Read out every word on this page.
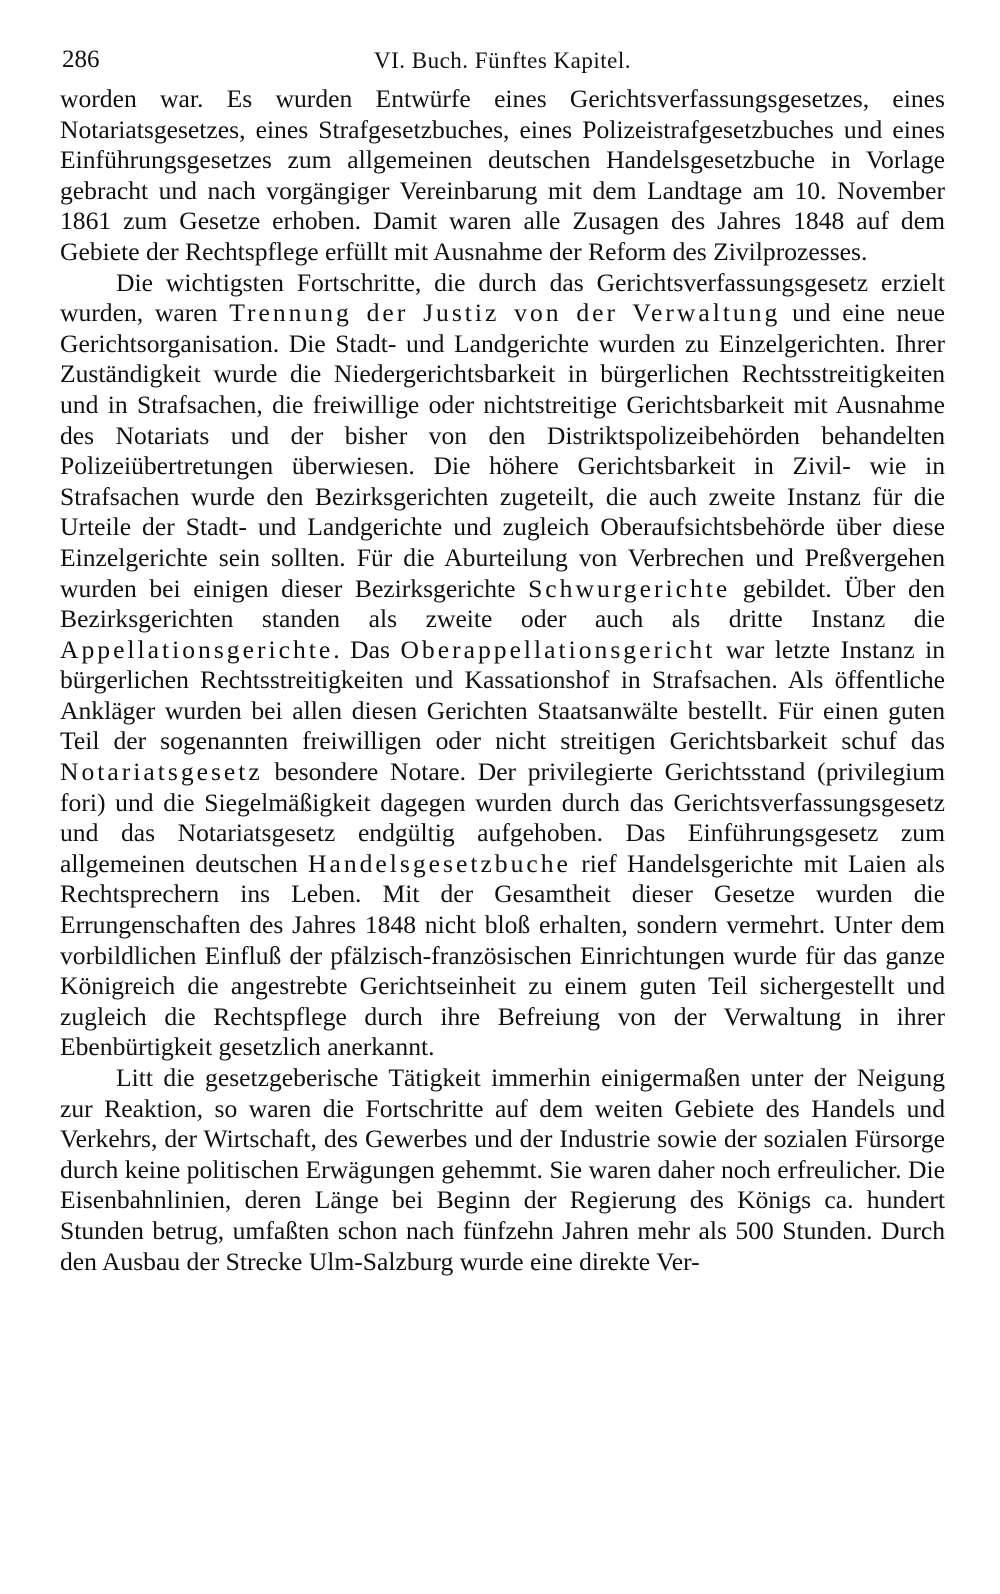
286	VI. Buch. Fünftes Kapitel.

worden war. Es wurden Entwürfe eines Gerichtsverfassungsgesetzes, eines Notariatsgesetzes, eines Strafgesetzbuches, eines Polizeistrafgesetzbuches und eines Einführungsgesetzes zum allgemeinen deutschen Handelsgesetzbuche in Vorlage gebracht und nach vorgängiger Vereinbarung mit dem Landtage am 10. November 1861 zum Gesetze erhoben. Damit waren alle Zusagen des Jahres 1848 auf dem Gebiete der Rechtspflege erfüllt mit Ausnahme der Reform des Zivilprozesses.

Die wichtigsten Fortschritte, die durch das Gerichtsverfassungsgesetz erzielt wurden, waren Trennung der Justiz von der Verwaltung und eine neue Gerichtsorganisation. Die Stadt- und Landgerichte wurden zu Einzelgerichten. Ihrer Zuständigkeit wurde die Niedergerichtsbarkeit in bürgerlichen Rechtsstreitigkeiten und in Strafsachen, die freiwillige oder nichtstreitige Gerichtsbarkeit mit Ausnahme des Notariats und der bisher von den Distriktspolizeibehörden behandelten Polizeiübertretungen überwiesen. Die höhere Gerichtsbarkeit in Zivil- wie in Strafsachen wurde den Bezirksgerichten zugeteilt, die auch zweite Instanz für die Urteile der Stadt- und Landgerichte und zugleich Oberaufsichtsbehörde über diese Einzelgerichte sein sollten. Für die Aburteilung von Verbrechen und Preßvergehen wurden bei einigen dieser Bezirksgerichte Schwurgerichte gebildet. Über den Bezirksgerichten standen als zweite oder auch als dritte Instanz die Appellationsgerichte. Das Oberappellationsgericht war letzte Instanz in bürgerlichen Rechtsstreitigkeiten und Kassationshof in Strafsachen. Als öffentliche Ankläger wurden bei allen diesen Gerichten Staatsanwälte bestellt. Für einen guten Teil der sogenannten freiwilligen oder nicht streitigen Gerichtsbarkeit schuf das Notariatsgesetz besondere Notare. Der privilegierte Gerichtsstand (privilegium fori) und die Siegelmäßigkeit dagegen wurden durch das Gerichtsverfassungsgesetz und das Notariatsgesetz endgültig aufgehoben. Das Einführungsgesetz zum allgemeinen deutschen Handelsgesetzbuche rief Handelsgerichte mit Laien als Rechtsprechern ins Leben. Mit der Gesamtheit dieser Gesetze wurden die Errungenschaften des Jahres 1848 nicht bloß erhalten, sondern vermehrt. Unter dem vorbildlichen Einfluß der pfälzisch-französischen Einrichtungen wurde für das ganze Königreich die angestrebte Gerichtseinheit zu einem guten Teil sichergestellt und zugleich die Rechtspflege durch ihre Befreiung von der Verwaltung in ihrer Ebenbürtigkeit gesetzlich anerkannt.

Litt die gesetzgeberische Tätigkeit immerhin einigermaßen unter der Neigung zur Reaktion, so waren die Fortschritte auf dem weiten Gebiete des Handels und Verkehrs, der Wirtschaft, des Gewerbes und der Industrie sowie der sozialen Fürsorge durch keine politischen Erwägungen gehemmt. Sie waren daher noch erfreulicher. Die Eisenbahnlinien, deren Länge bei Beginn der Regierung des Königs ca. hundert Stunden betrug, umfaßten schon nach fünfzehn Jahren mehr als 500 Stunden. Durch den Ausbau der Strecke Ulm-Salzburg wurde eine direkte Ver-
